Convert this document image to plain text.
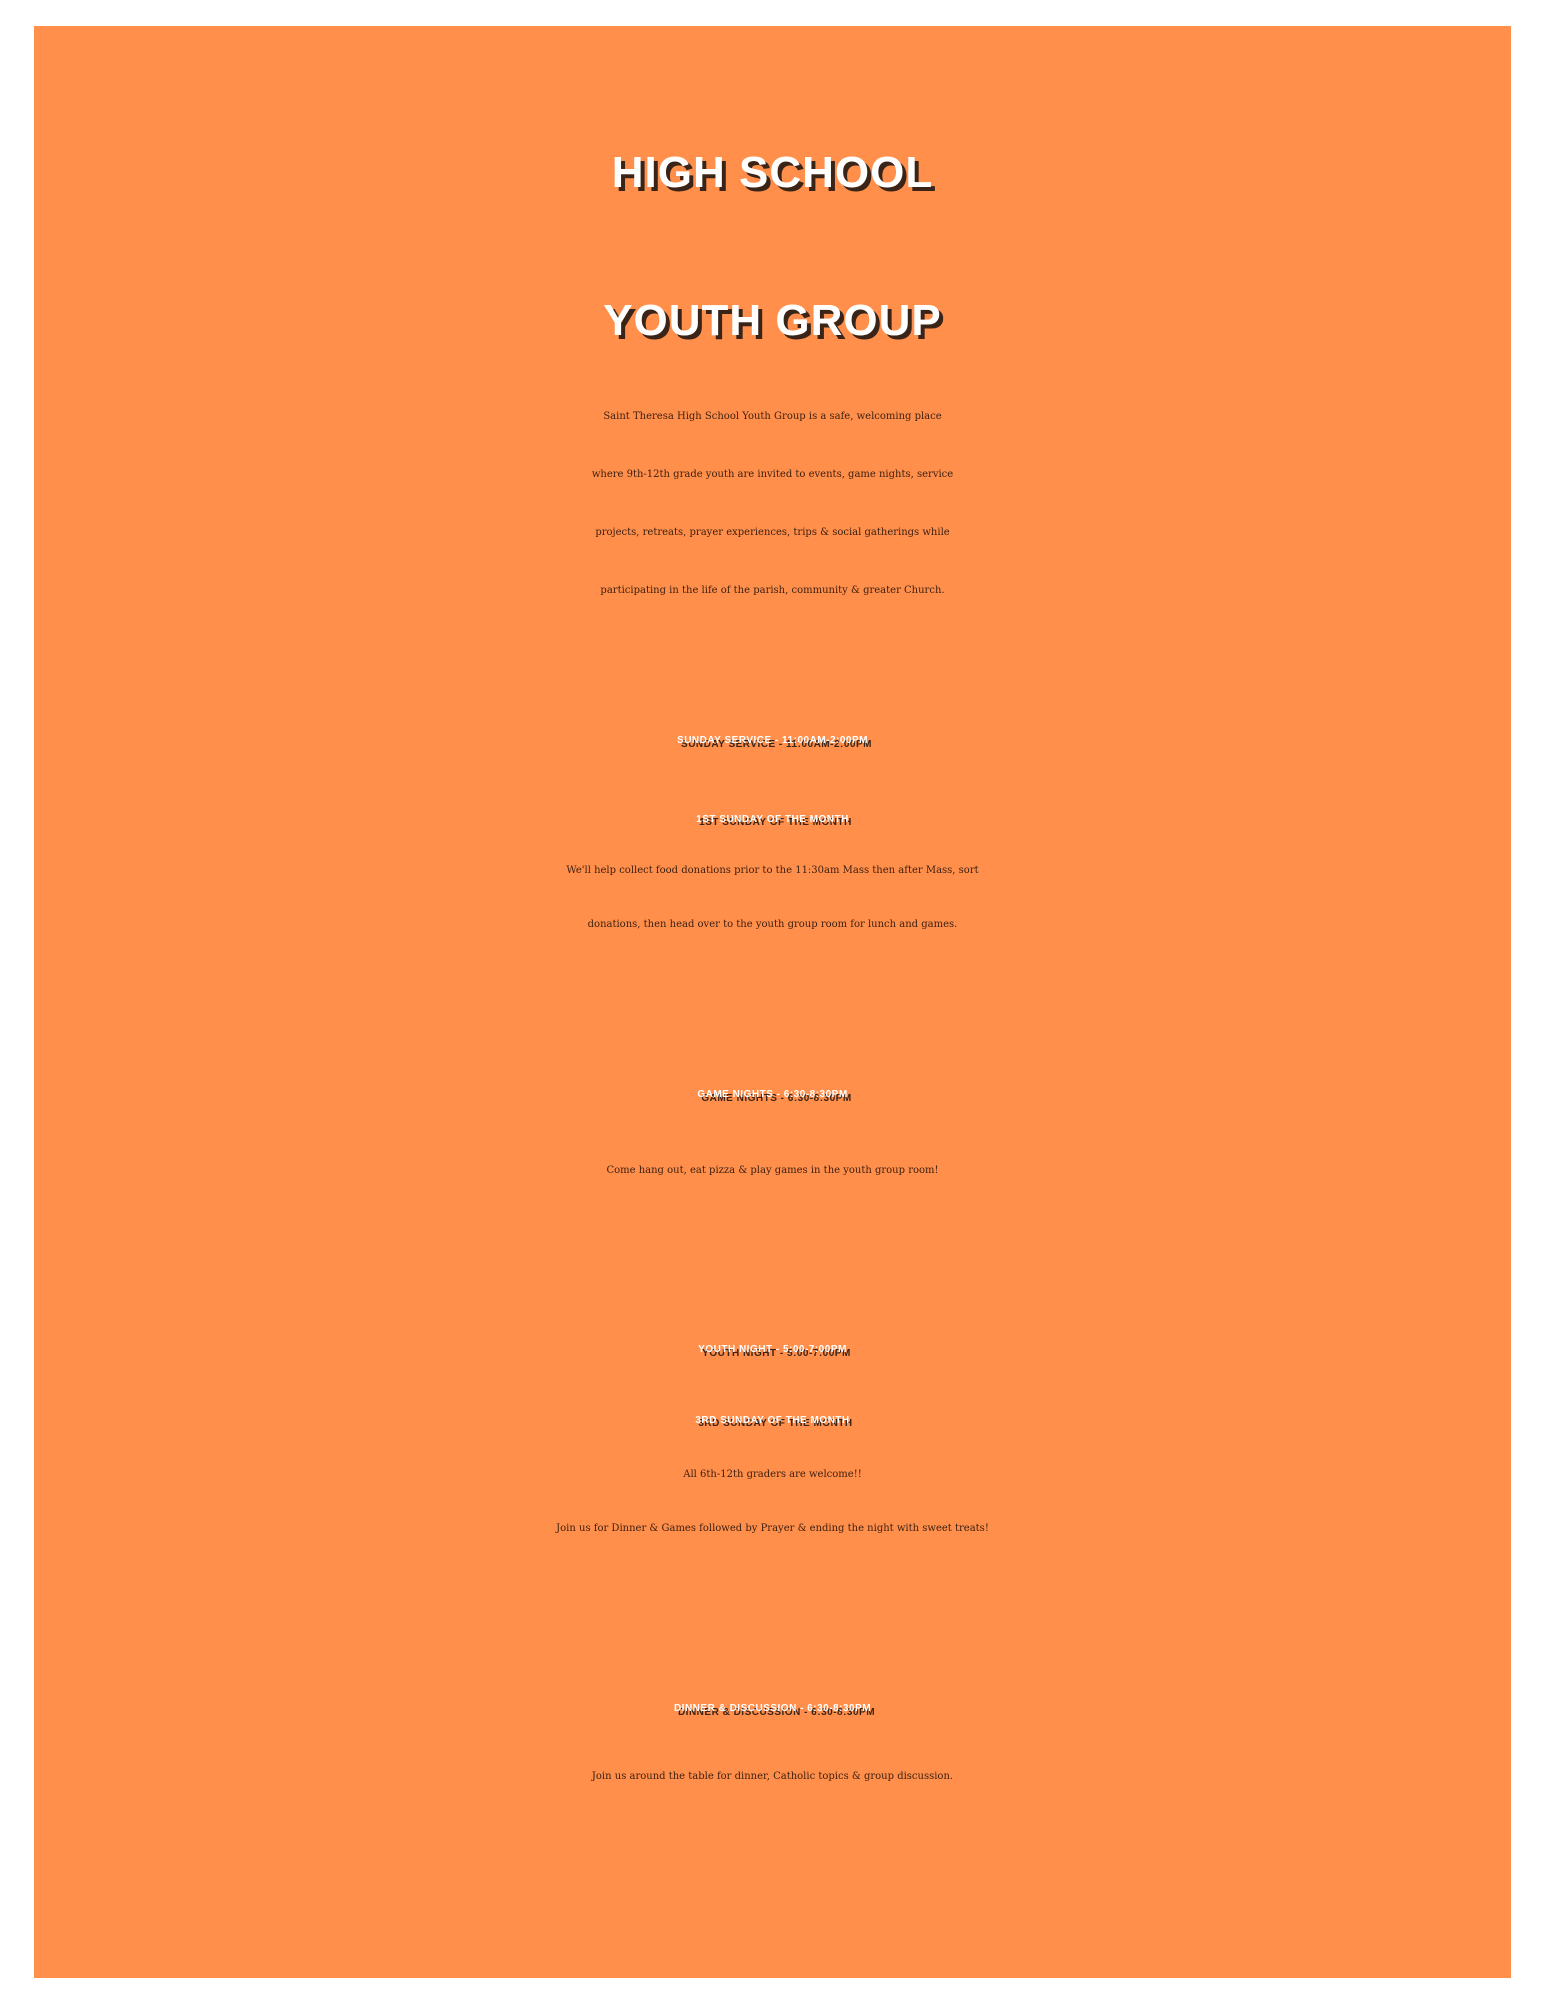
HIGH SCHOOL
YOUTH GROUP
Saint Theresa High School Youth Group is a safe, welcoming place
where 9th-12th grade youth are invited to events, game nights, service
projects, retreats, prayer experiences, trips & social gatherings while
participating in the life of the parish, community & greater Church.
SUNDAY SERVICE - 11:00AM-2:00PM
1ST SUNDAY OF THE MONTH
We'll help collect food donations prior to the 11:30am Mass then after Mass, sort
donations, then head over to the youth group room for lunch and games.
GAME NIGHTS - 6:30-8:30PM
Come hang out, eat pizza & play games in the youth group room!
YOUTH NIGHT - 5:00-7:00PM
3RD SUNDAY OF THE MONTH
All 6th-12th graders are welcome!!
Join us for Dinner & Games followed by Prayer & ending the night with sweet treats!
DINNER & DISCUSSION - 6:30-8:30PM
Join us around the table for dinner, Catholic topics & group discussion.
